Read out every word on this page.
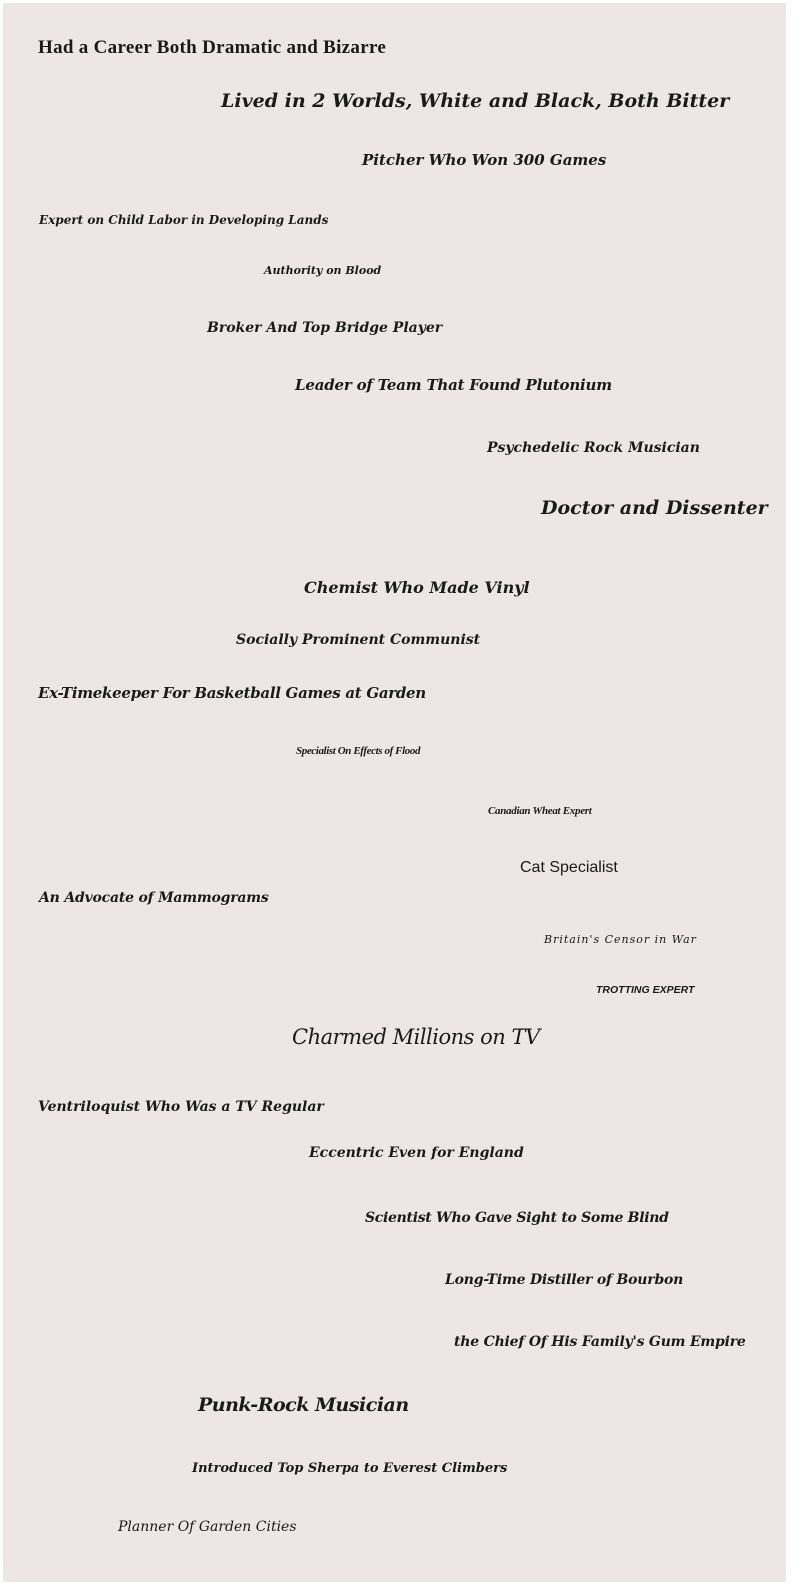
Had a Career Both Dramatic and Bizarre
Lived in 2 Worlds, White and Black, Both Bitter
Pitcher Who Won 300 Games
Expert on Child Labor in Developing Lands
Authority on Blood
Broker And Top Bridge Player
Leader of Team That Found Plutonium
Psychedelic Rock Musician
Doctor and Dissenter
Chemist Who Made Vinyl
Socially Prominent Communist
Ex-Timekeeper For Basketball Games at Garden
Specialist On Effects of Flood
Canadian Wheat Expert
Cat Specialist
An Advocate of Mammograms
Britain's Censor in War
TROTTING EXPERT
Charmed Millions on TV
Ventriloquist Who Was a TV Regular
Eccentric Even for England
Scientist Who Gave Sight to Some Blind
Long-Time Distiller of Bourbon
the Chief Of His Family's Gum Empire
Punk-Rock Musician
Introduced Top Sherpa to Everest Climbers
Planner Of Garden Cities
